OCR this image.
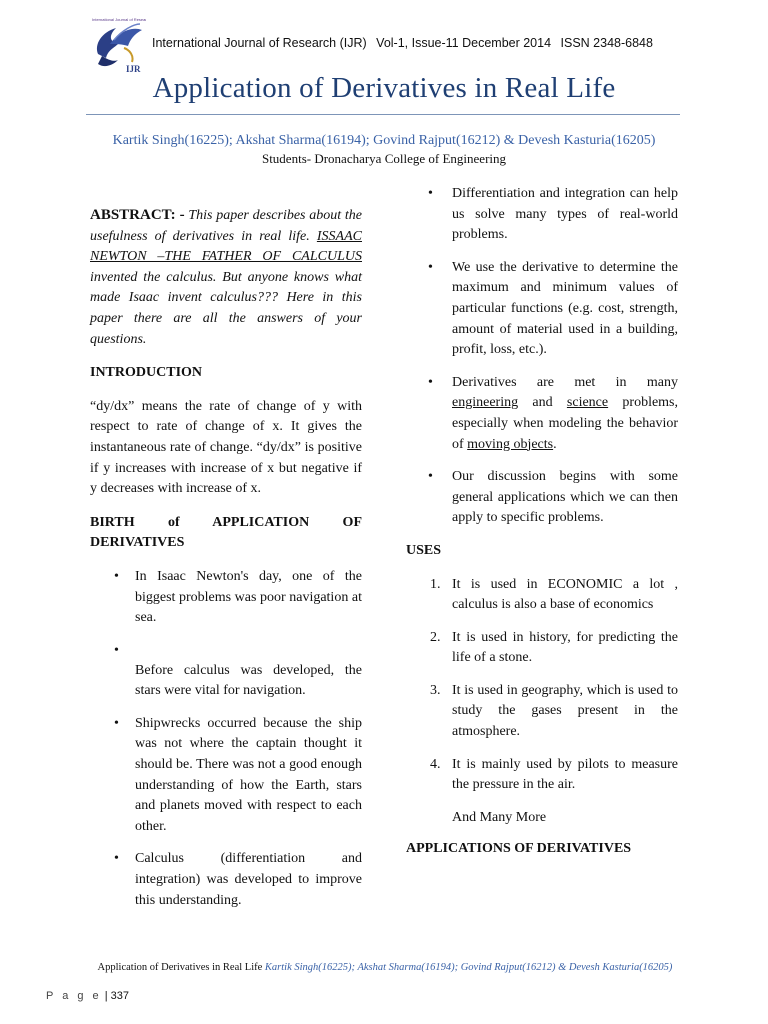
International Journal of Research
IJR
International Journal of Research (IJR) Vol-1, Issue-11 December 2014 ISSN 2348-6848
Application of Derivatives in Real Life
Kartik Singh(16225); Akshat Sharma(16194); Govind Rajput(16212) & Devesh Kasturia(16205)
Students- Dronacharya College of Engineering

ABSTRACT: - This paper describes about the usefulness of derivatives in real life. ISSAAC NEWTON –THE FATHER OF CALCULUS invented the calculus. But anyone knows what made Isaac invent calculus??? Here in this paper there are all the answers of your questions.

INTRODUCTION

“dy/dx” means the rate of change of y with respect to rate of change of x. It gives the instantaneous rate of change. “dy/dx” is positive if y increases with increase of x but negative if y decreases with increase of x.

BIRTH of APPLICATION OF
DERIVATIVES
• In Isaac Newton's day, one of the biggest problems was poor navigation at sea.
•
Before calculus was developed, the stars were vital for navigation.
• Shipwrecks occurred because the ship was not where the captain thought it should be. There was not a good enough understanding of how the Earth, stars and planets moved with respect to each other.
• Calculus (differentiation and integration) was developed to improve this understanding.
• Differentiation and integration can help us solve many types of real-world problems.
• We use the derivative to determine the maximum and minimum values of particular functions (e.g. cost, strength, amount of material used in a building, profit, loss, etc.).
• Derivatives are met in many engineering and science problems, especially when modeling the behavior of moving objects.
• Our discussion begins with some general applications which we can then apply to specific problems.
USES
1. It is used in ECONOMIC a lot , calculus is also a base of economics
2. It is used in history, for predicting the life of a stone.
3. It is used in geography, which is used to study the gases present in the atmosphere.
4. It is mainly used by pilots to measure the pressure in the air.
And Many More
APPLICATIONS OF DERIVATIVES
Application of Derivatives in Real Life Kartik Singh(16225); Akshat Sharma(16194); Govind Rajput(16212) & Devesh Kasturia(16205)
P a g e | 337
